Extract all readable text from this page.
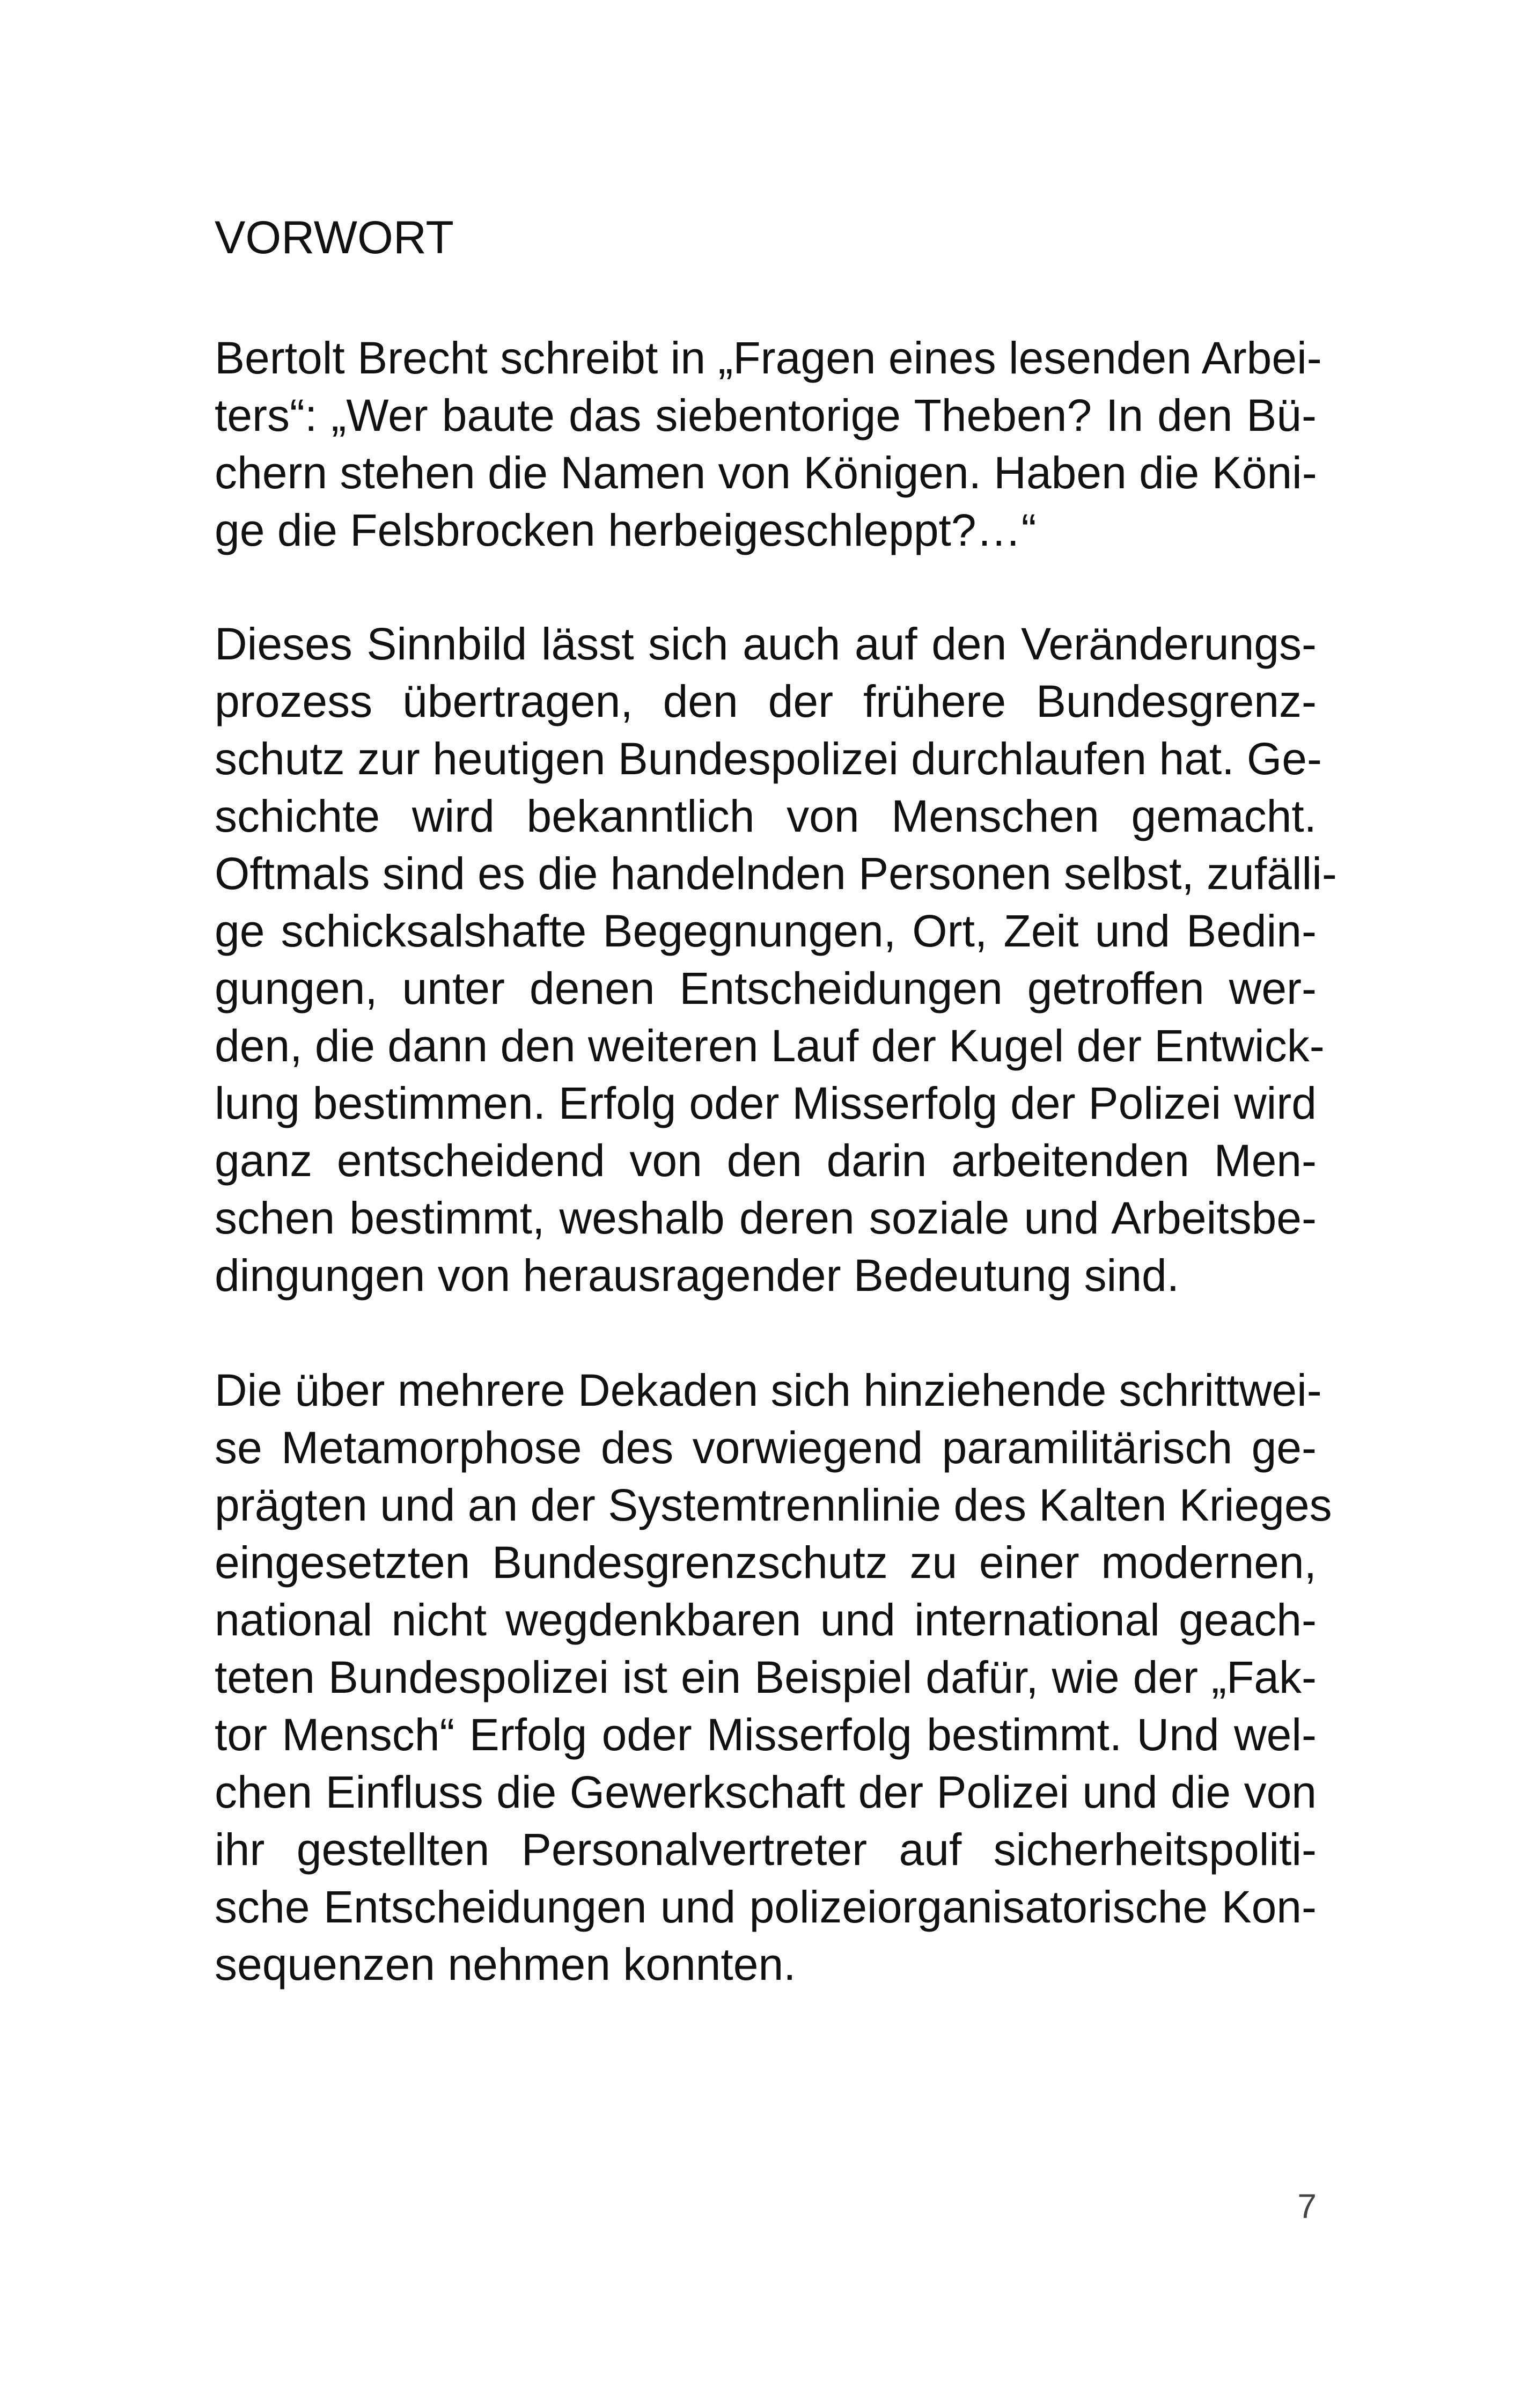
VORWORT
Bertolt Brecht schreibt in „Fragen eines lesenden Arbei-
ters“: „Wer baute das siebentorige Theben? In den Bü-
chern stehen die Namen von Königen. Haben die Köni-
ge die Felsbrocken herbeigeschleppt?…“
Dieses Sinnbild lässt sich auch auf den Veränderungs-
prozess übertragen, den der frühere Bundesgrenz-
schutz zur heutigen Bundespolizei durchlaufen hat. Ge-
schichte wird bekanntlich von Menschen gemacht.
Oftmals sind es die handelnden Personen selbst, zufälli-
ge schicksalshafte Begegnungen, Ort, Zeit und Bedin-
gungen, unter denen Entscheidungen getroffen wer-
den, die dann den weiteren Lauf der Kugel der Entwick-
lung bestimmen. Erfolg oder Misserfolg der Polizei wird
ganz entscheidend von den darin arbeitenden Men-
schen bestimmt, weshalb deren soziale und Arbeitsbe-
dingungen von herausragender Bedeutung sind.
Die über mehrere Dekaden sich hinziehende schrittwei-
se Metamorphose des vorwiegend paramilitärisch ge-
prägten und an der Systemtrennlinie des Kalten Krieges
eingesetzten Bundesgrenzschutz zu einer modernen,
national nicht wegdenkbaren und international geach-
teten Bundespolizei ist ein Beispiel dafür, wie der „Fak-
tor Mensch“ Erfolg oder Misserfolg bestimmt. Und wel-
chen Einfluss die Gewerkschaft der Polizei und die von
ihr gestellten Personalvertreter auf sicherheitspoliti-
sche Entscheidungen und polizeiorganisatorische Kon-
sequenzen nehmen konnten.
7
